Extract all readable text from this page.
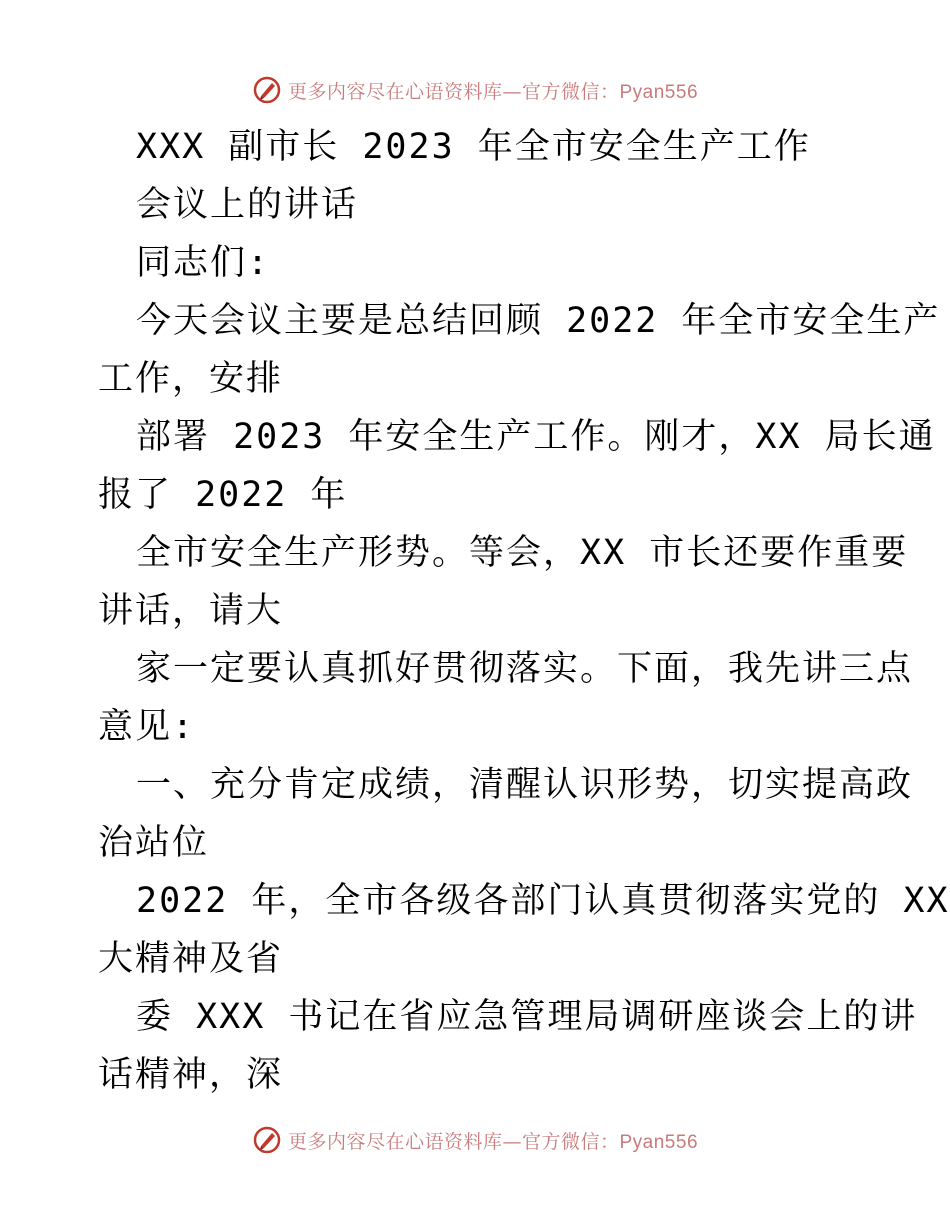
更多内容尽在心语资料库—官方微信：Pyan556
XXX 副市长 2023 年全市安全生产工作
会议上的讲话
同志们:
今天会议主要是总结回顾 2022 年全市安全生产
工作，安排
部署 2023 年安全生产工作。刚才，XX 局长通
报了 2022 年
全市安全生产形势。等会，XX 市长还要作重要
讲话，请大
家一定要认真抓好贯彻落实。下面，我先讲三点
意见:
一、充分肯定成绩，清醒认识形势，切实提高政
治站位
2022 年，全市各级各部门认真贯彻落实党的 XX
大精神及省
委 XXX 书记在省应急管理局调研座谈会上的讲
话精神，深
更多内容尽在心语资料库—官方微信：Pyan556
